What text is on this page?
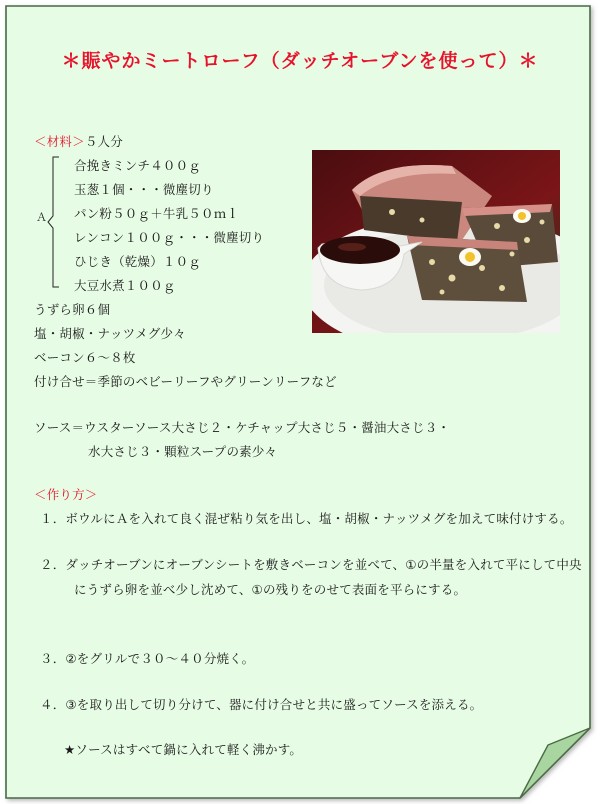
＊賑やかミートローフ（ダッチオーブンを使って）＊
＜材料＞５人分
Ａ
合挽きミンチ４００ｇ
玉葱１個・・・微塵切り
パン粉５０ｇ＋牛乳５０ｍｌ
レンコン１００ｇ・・・微塵切り
ひじき（乾燥）１０ｇ
大豆水煮１００ｇ
うずら卵６個
塩・胡椒・ナッツメグ少々
ベーコン６〜８枚
付け合せ＝季節のベビーリーフやグリーンリーフなど
ソース＝ウスターソース大さじ２・ケチャップ大さじ５・醤油大さじ３・
水大さじ３・顆粒スープの素少々
＜作り方＞
１．ボウルにＡを入れて良く混ぜ粘り気を出し、塩・胡椒・ナッツメグを加えて味付けする。
２．ダッチオーブンにオーブンシートを敷きベーコンを並べて、①の半量を入れて平にして中央
にうずら卵を並べ少し沈めて、①の残りをのせて表面を平らにする。
３．②をグリルで３０〜４０分焼く。
４．③を取り出して切り分けて、器に付け合せと共に盛ってソースを添える。
★ソースはすべて鍋に入れて軽く沸かす。
